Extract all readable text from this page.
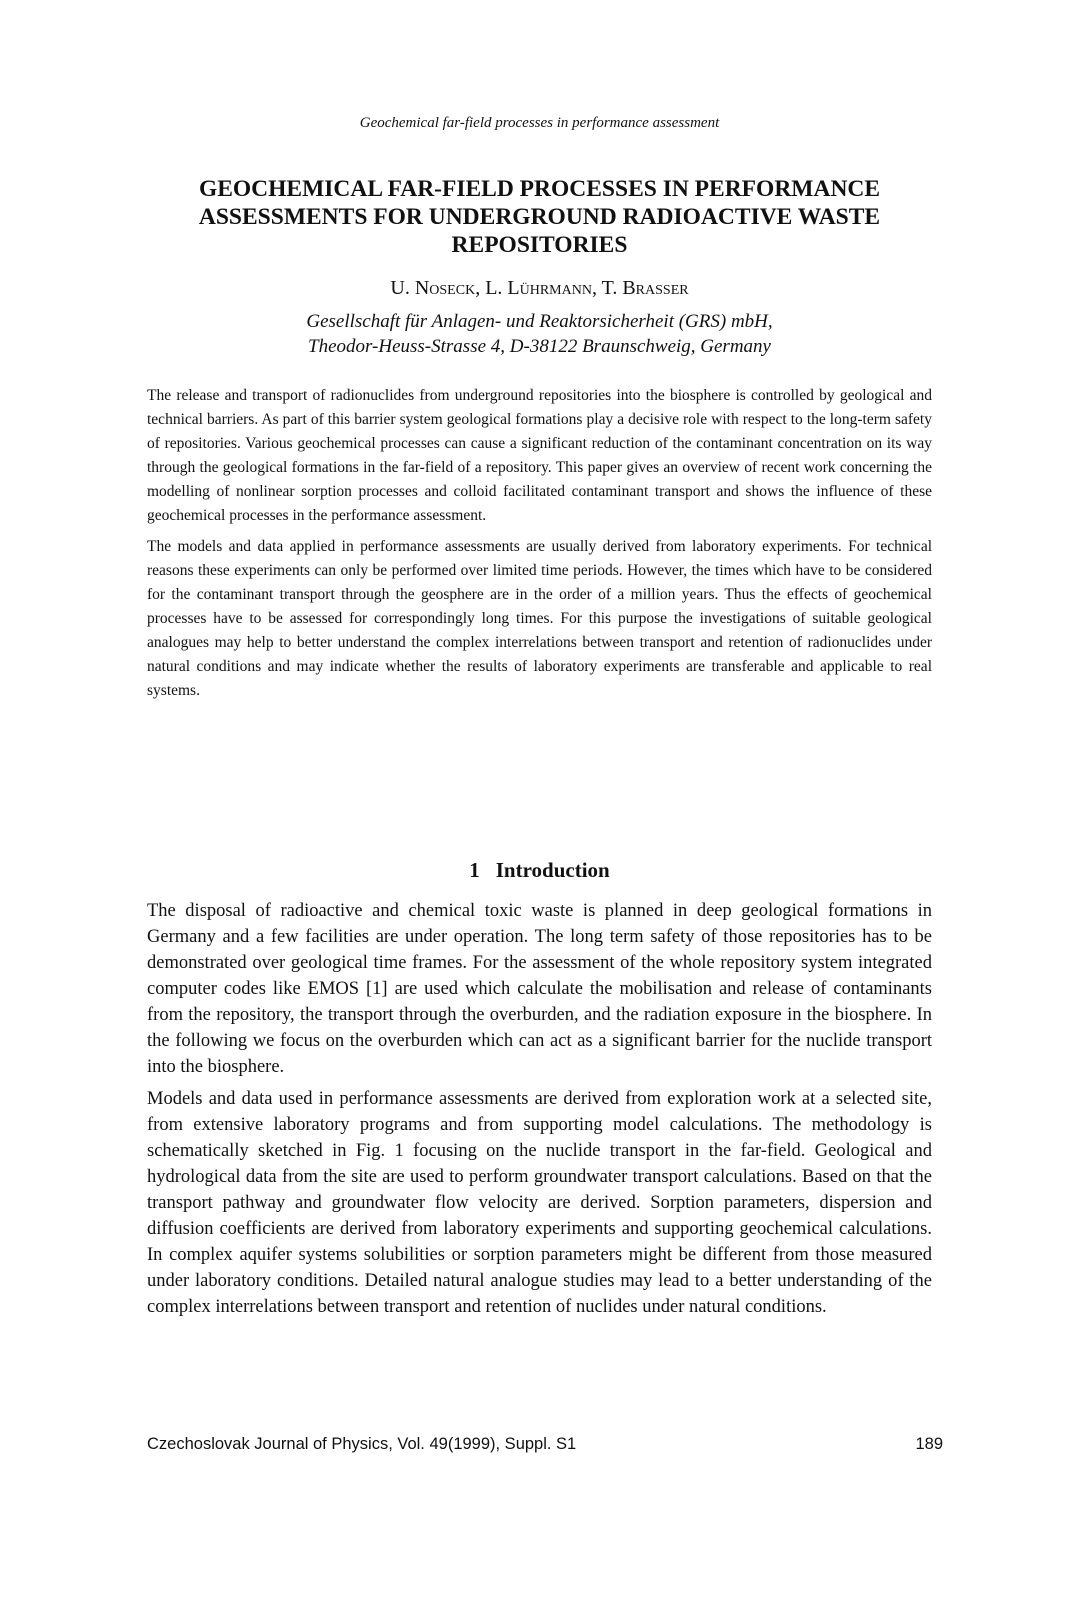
Geochemical far-field processes in performance assessment
GEOCHEMICAL FAR-FIELD PROCESSES IN PERFORMANCE ASSESSMENTS FOR UNDERGROUND RADIOACTIVE WASTE REPOSITORIES
U. Noseck, L. Lührmann, T. Brasser
Gesellschaft für Anlagen- und Reaktorsicherheit (GRS) mbH,
Theodor-Heuss-Strasse 4, D-38122 Braunschweig, Germany

The release and transport of radionuclides from underground repositories into the biosphere is controlled by geological and technical barriers. As part of this barrier system geological formations play a decisive role with respect to the long-term safety of repositories. Various geochemical processes can cause a significant reduction of the contaminant concentration on its way through the geological formations in the far-field of a repository. This paper gives an overview of recent work concerning the modelling of nonlinear sorption processes and colloid facilitated contaminant transport and shows the influence of these geochemical processes in the performance assessment.

The models and data applied in performance assessments are usually derived from laboratory experiments. For technical reasons these experiments can only be performed over limited time periods. However, the times which have to be considered for the contaminant transport through the geosphere are in the order of a million years. Thus the effects of geochemical processes have to be assessed for correspondingly long times. For this purpose the investigations of suitable geological analogues may help to better understand the complex interrelations between transport and retention of radionuclides under natural conditions and may indicate whether the results of laboratory experiments are transferable and applicable to real systems.

1 Introduction

The disposal of radioactive and chemical toxic waste is planned in deep geological formations in Germany and a few facilities are under operation. The long term safety of those repositories has to be demonstrated over geological time frames. For the assessment of the whole repository system integrated computer codes like EMOS [1] are used which calculate the mobilisation and release of contaminants from the repository, the transport through the overburden, and the radiation exposure in the biosphere. In the following we focus on the overburden which can act as a significant barrier for the nuclide transport into the biosphere.

Models and data used in performance assessments are derived from exploration work at a selected site, from extensive laboratory programs and from supporting model calculations. The methodology is schematically sketched in Fig. 1 focusing on the nuclide transport in the far-field. Geological and hydrological data from the site are used to perform groundwater transport calculations. Based on that the transport pathway and groundwater flow velocity are derived. Sorption parameters, dispersion and diffusion coefficients are derived from laboratory experiments and supporting geochemical calculations. In complex aquifer systems solubilities or sorption parameters might be different from those measured under laboratory conditions. Detailed natural analogue studies may lead to a better understanding of the complex interrelations between transport and retention of nuclides under natural conditions.

Czechoslovak Journal of Physics, Vol. 49(1999), Suppl. S1	189
